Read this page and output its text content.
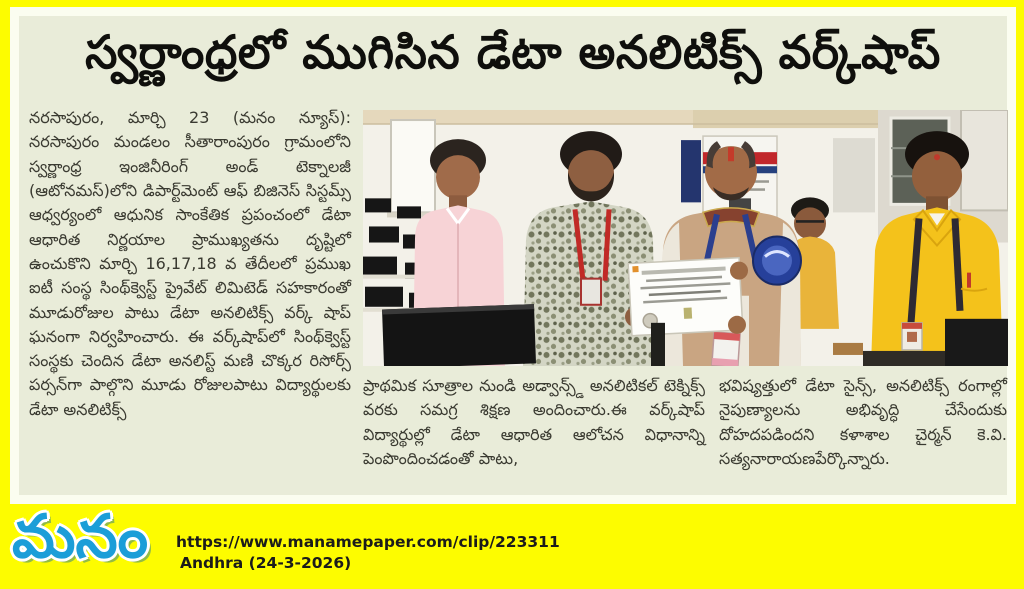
స్వర్ణాంధ్రలో ముగిసిన డేటా అనలిటిక్స్ వర్క్‌షాప్
నరసాపురం, మార్చి 23 (మనం న్యూస్): నరసాపురం మండలం సీతారాంపురం గ్రామంలోని స్వర్ణాంధ్ర ఇంజినీరింగ్ అండ్ టెక్నాలజీ (ఆటోనమస్)లోని డిపార్ట్‌మెంట్ ఆఫ్ బిజినెస్ సిస్టమ్స్ ఆధ్వర్యంలో ఆధునిక సాంకేతిక ప్రపంచంలో డేటా ఆధారిత నిర్ణయాల ప్రాముఖ్యతను దృష్టిలో ఉంచుకొని మార్చి 16,17,18 వ తేదీలలో ప్రముఖ ఐటీ సంస్థ సింథ్‌క్వెస్ట్ ప్రైవేట్ లిమిటెడ్ సహకారంతో మూడురోజుల పాటు డేటా అనలిటిక్స్ వర్క్ షాప్ ఘనంగా నిర్వహించారు. ఈ వర్క్‌షాప్‌లో సింథ్‌క్వెస్ట్ సంస్థకు చెందిన డేటా అనలిస్ట్ మణి చొక్కర రిసోర్స్ పర్సన్‌గా పాల్గొని మూడు రోజులపాటు విద్యార్థులకు డేటా అనలిటిక్స్
ప్రాథమిక సూత్రాల నుండి అడ్వాన్స్డ్ అనలిటికల్ టెక్నిక్స్ వరకు సమగ్ర శిక్షణ అందించారు.ఈ వర్క్‌షాప్ విద్యార్థుల్లో డేటా ఆధారిత ఆలోచన విధానాన్ని పెంపొందించడంతో పాటు,
భవిష్యత్తులో డేటా సైన్స్, అనలిటిక్స్ రంగాల్లో నైపుణ్యాలను అభివృద్ధి చేసేందుకు దోహదపడిందని కళాశాల చైర్మన్ కె.వి. సత్యనారాయణపేర్కొన్నారు.
మనం https://www.manamepaper.com/clip/223311
Andhra (24-3-2026)
